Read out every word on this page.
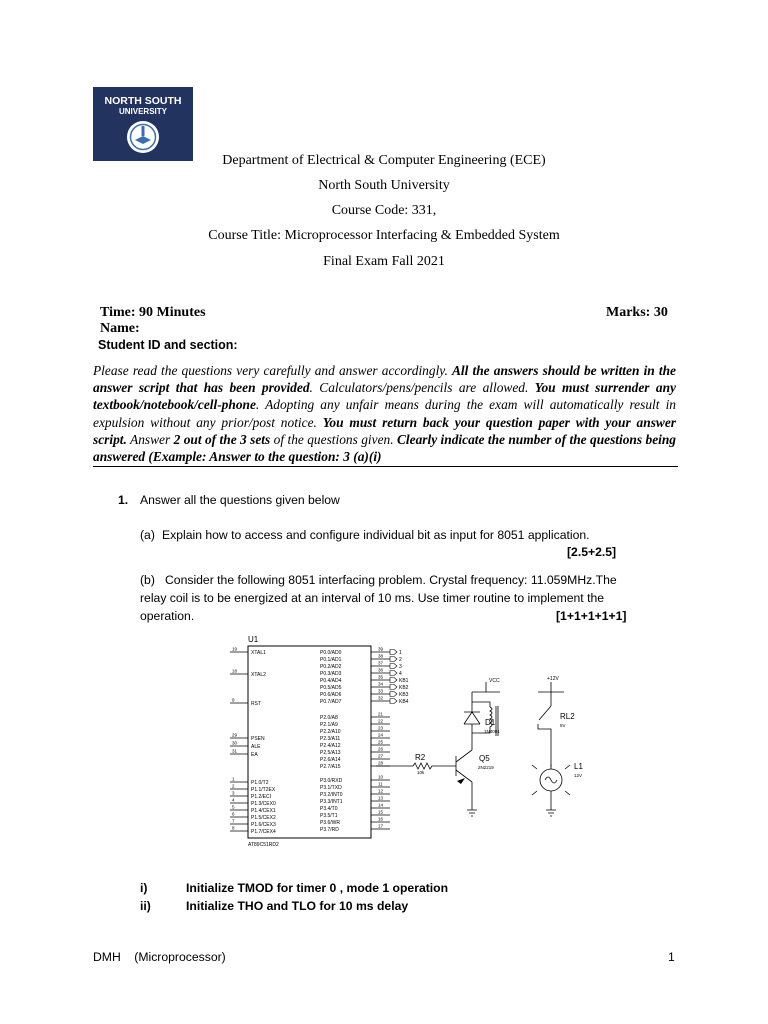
NORTH SOUTH
UNIVERSITY
Department of Electrical & Computer Engineering (ECE)
North South University
Course Code: 331,
Course Title: Microprocessor Interfacing & Embedded System
Final Exam Fall 2021
Time: 90 Minutes	Marks: 30
Name:
Student ID and section:
Please read the questions very carefully and answer accordingly. All the answers should be written in the answer script that has been provided. Calculators/pens/pencils are allowed. You must surrender any textbook/notebook/cell-phone. Adopting any unfair means during the exam will automatically result in expulsion without any prior/post notice. You must return back your question paper with your answer script. Answer 2 out of the 3 sets of the questions given. Clearly indicate the number of the questions being answered (Example: Answer to the question: 3 (a)(i)
1. Answer all the questions given below
(a) Explain how to access and configure individual bit as input for 8051 application.
[2.5+2.5]
(b) Consider the following 8051 interfacing problem. Crystal frequency: 11.059MHz.The
relay coil is to be energized at an interval of 10 ms. Use timer routine to implement the
operation.	[1+1+1+1+1]
U1
AT89C51RD2
19
XTAL1
18
XTAL2
9
RST
29
PSEN
30
ALE
31
EA
1
P1.0/T2
2
P1.1/T2EX
3
P1.2/ECI
4
P1.3/CEX0
5
P1.4/CEX1
6
P1.5/CEX2
7
P1.6/CEX3
8
P1.7/CEX4
39
P0.0/AD0	1
38
P0.1/AD1	2
37
P0.2/AD2	3
36
P0.3/AD3	4
35
P0.4/AD4	KB1
34
P0.5/AD5	KB2
33
P0.6/AD6	KB3
32
P0.7/AD7	KB4
21
P2.0/A8	22
P2.1/A9	23
P2.2/A10	24
P2.3/A11	25
P2.4/A12	26
P2.5/A13	27
P2.6/A14	28
P2.7/A15
10
P3.0/RXD	11
P3.1/TXD	12
P3.2/INT0	13
P3.3/INT1	14
P3.4/T0	15
P3.5/T1	16
P3.6/WR	17
P3.7/RD
VCC	+12V
D1
1N4001
RL2
5V
R2
10k
Q5
2N2219	L1
12V
i)	Initialize TMOD for timer 0 , mode 1 operation
ii)	Initialize THO and TLO for 10 ms delay
DMH    (Microprocessor)	1
